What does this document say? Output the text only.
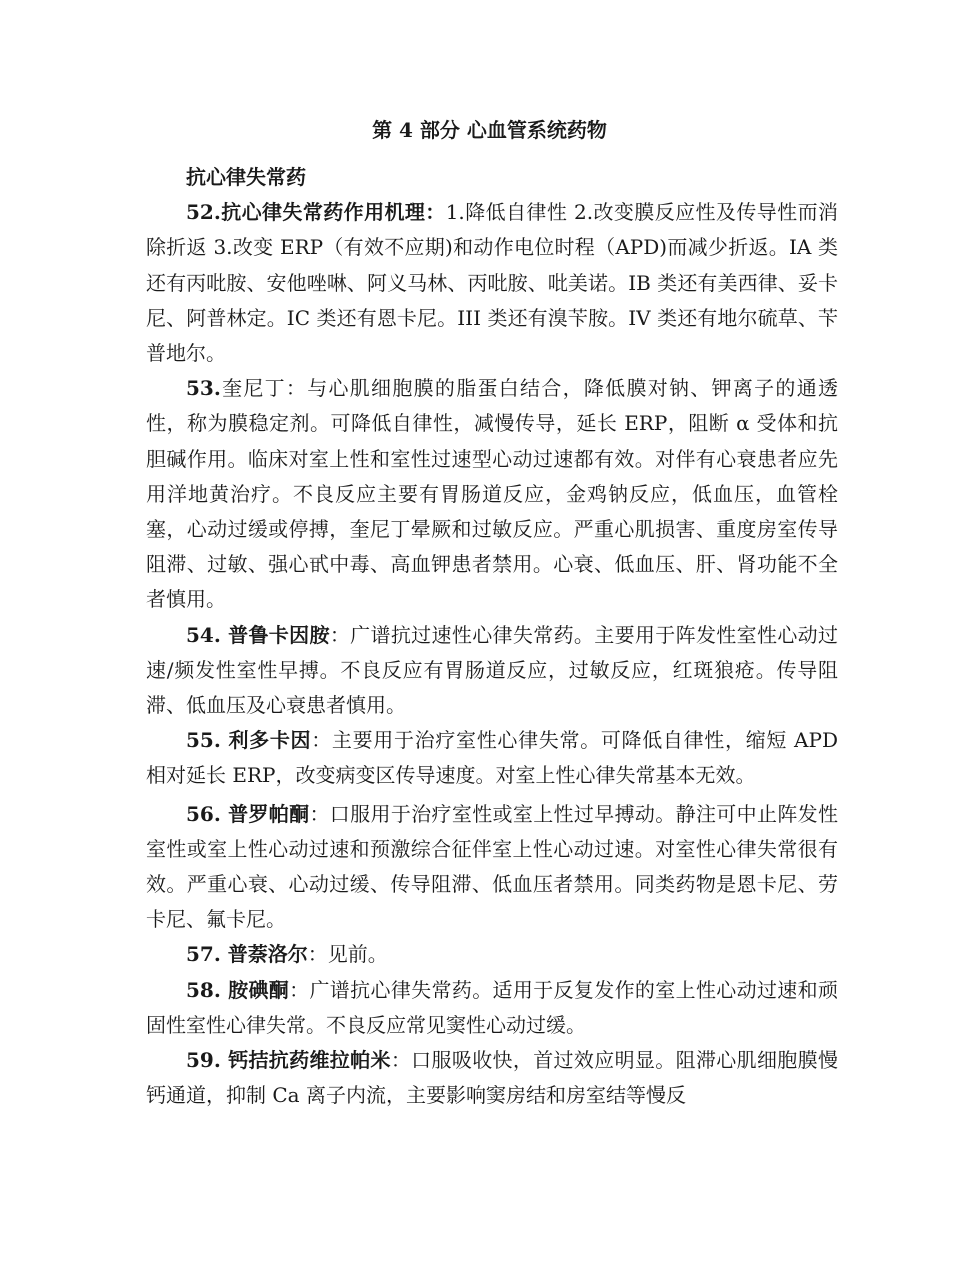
第 4 部分 心血管系统药物

抗心律失常药

52.抗心律失常药作用机理：1.降低自律性 2.改变膜反应性及传导性而消除折返 3.改变 ERP（有效不应期)和动作电位时程（APD)而减少折返。IA 类还有丙吡胺、安他唑啉、阿义马林、丙吡胺、吡美诺。IB 类还有美西律、妥卡尼、阿普林定。IC 类还有恩卡尼。III 类还有溴苄胺。IV 类还有地尔硫草、苄普地尔。

53.奎尼丁：与心肌细胞膜的脂蛋白结合，降低膜对钠、钾离子的通透性，称为膜稳定剂。可降低自律性，减慢传导，延长 ERP，阻断 α 受体和抗胆碱作用。临床对室上性和室性过速型心动过速都有效。对伴有心衰患者应先用洋地黄治疗。不良反应主要有胃肠道反应，金鸡钠反应，低血压，血管栓塞，心动过缓或停搏，奎尼丁晕厥和过敏反应。严重心肌损害、重度房室传导阻滞、过敏、强心甙中毒、高血钾患者禁用。心衰、低血压、肝、肾功能不全者慎用。

54. 普鲁卡因胺：广谱抗过速性心律失常药。主要用于阵发性室性心动过速/频发性室性早搏。不良反应有胃肠道反应，过敏反应，红斑狼疮。传导阻滞、低血压及心衰患者慎用。

55. 利多卡因：主要用于治疗室性心律失常。可降低自律性，缩短 APD 相对延长 ERP，改变病变区传导速度。对室上性心律失常基本无效。

56. 普罗帕酮：口服用于治疗室性或室上性过早搏动。静注可中止阵发性室性或室上性心动过速和预激综合征伴室上性心动过速。对室性心律失常很有效。严重心衰、心动过缓、传导阻滞、低血压者禁用。同类药物是恩卡尼、劳卡尼、氟卡尼。

57. 普萘洛尔：见前。

58. 胺碘酮：广谱抗心律失常药。适用于反复发作的室上性心动过速和顽固性室性心律失常。不良反应常见窦性心动过缓。

59. 钙拮抗药维拉帕米：口服吸收快，首过效应明显。阻滞心肌细胞膜慢钙通道，抑制 Ca 离子内流，主要影响窦房结和房室结等慢反
